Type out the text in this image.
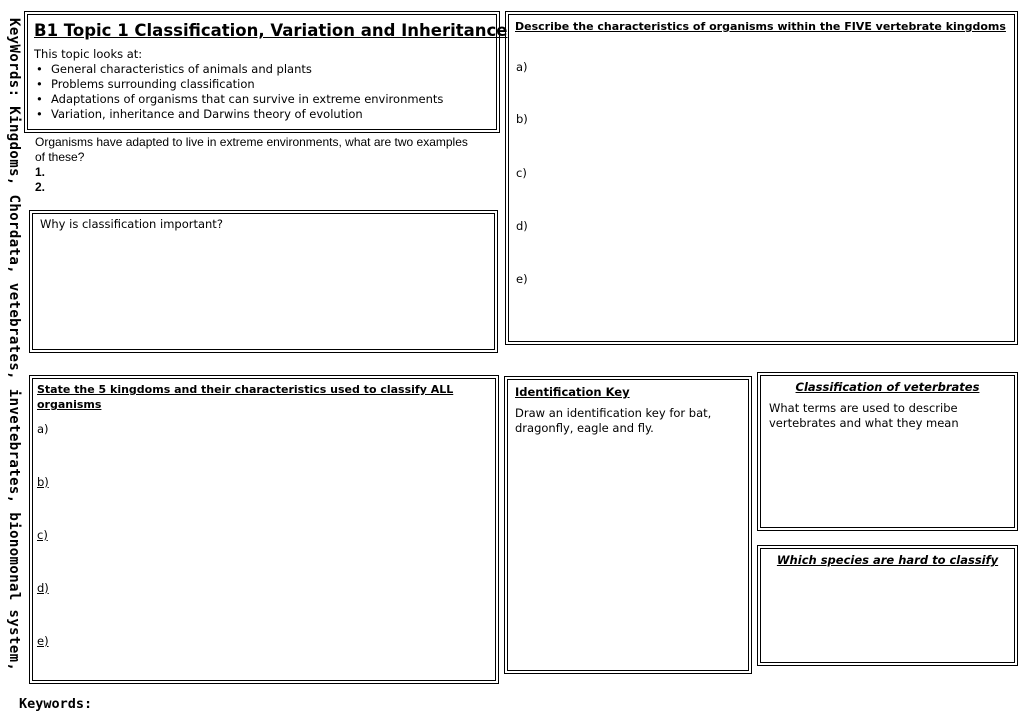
KeyWords: Kingdoms, Chordata, vetebrates, invetebrates, bionomonal system, B1 Topic 1 Classification, Variation and Inheritance
This topic looks at:
• General characteristics of animals and plants
• Problems surrounding classification
• Adaptations of organisms that can survive in extreme environments
• Variation, inheritance and Darwins theory of evolution
Organisms have adapted to live in extreme environments, what are two examples of these?
1.
2.
Why is classification important?
Describe the characteristics of organisms within the FIVE vertebrate kingdoms
a)
b)
c)
d)
e)
State the 5 kingdoms and their characteristics used to classify ALL organisms
a)
b)
c)
d)
e)
Identification Key
Draw an identification key for bat, dragonfly, eagle and fly.
Classification of veterbrates
What terms are used to describe vertebrates and what they mean
Which species are hard to classify
Keywords:
